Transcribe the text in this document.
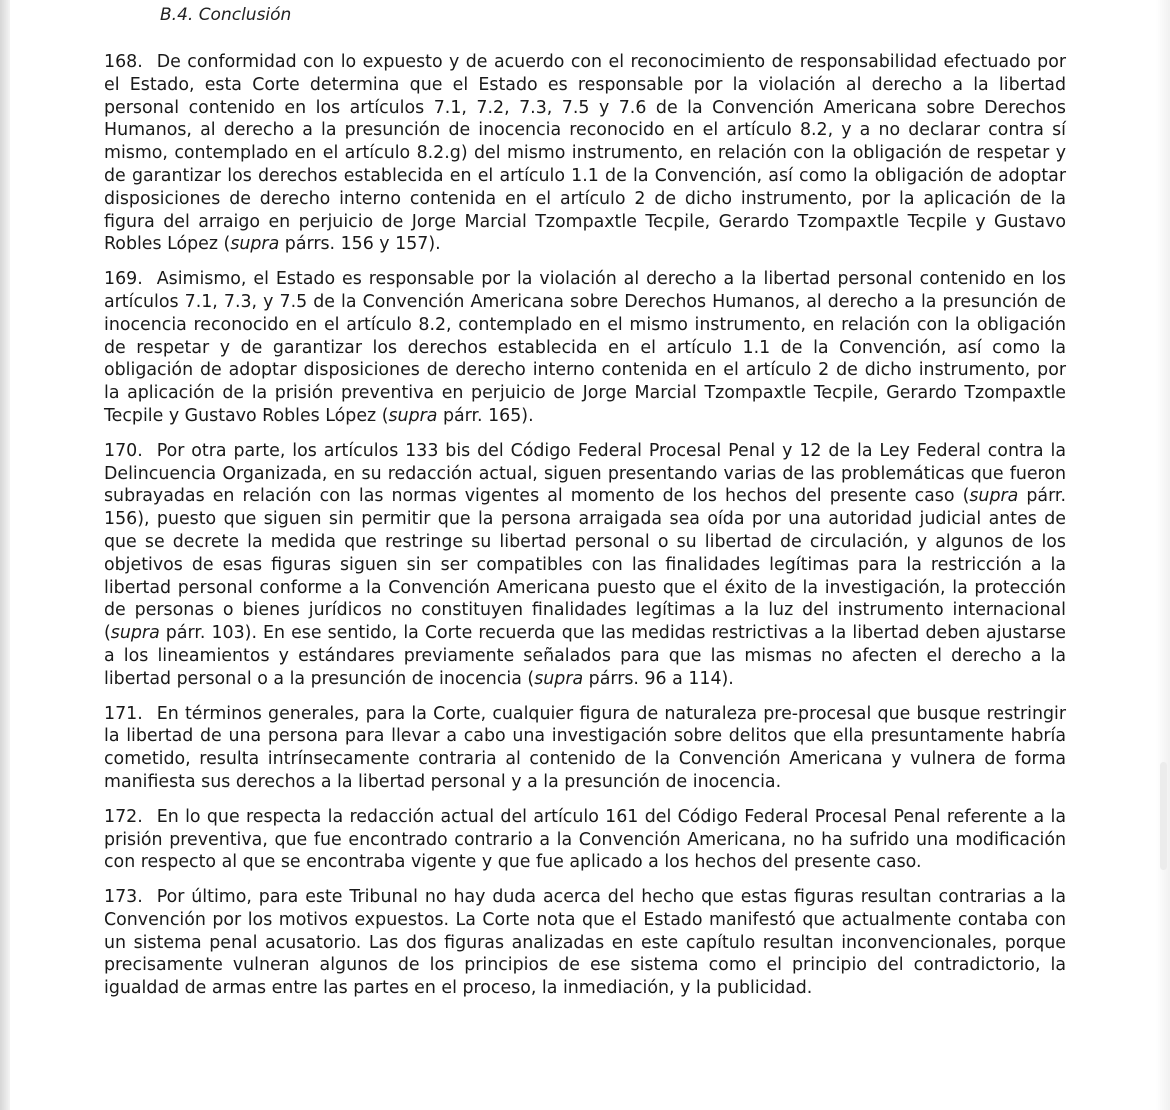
B.4. Conclusión

168. De conformidad con lo expuesto y de acuerdo con el reconocimiento de responsabilidad efectuado por el Estado, esta Corte determina que el Estado es responsable por la violación al derecho a la libertad personal contenido en los artículos 7.1, 7.2, 7.3, 7.5 y 7.6 de la Convención Americana sobre Derechos Humanos, al derecho a la presunción de inocencia reconocido en el artículo 8.2, y a no declarar contra sí mismo, contemplado en el artículo 8.2.g) del mismo instrumento, en relación con la obligación de respetar y de garantizar los derechos establecida en el artículo 1.1 de la Convención, así como la obligación de adoptar disposiciones de derecho interno contenida en el artículo 2 de dicho instrumento, por la aplicación de la figura del arraigo en perjuicio de Jorge Marcial Tzompaxtle Tecpile, Gerardo Tzompaxtle Tecpile y Gustavo Robles López (supra párrs. 156 y 157).

169. Asimismo, el Estado es responsable por la violación al derecho a la libertad personal contenido en los artículos 7.1, 7.3, y 7.5 de la Convención Americana sobre Derechos Humanos, al derecho a la presunción de inocencia reconocido en el artículo 8.2, contemplado en el mismo instrumento, en relación con la obligación de respetar y de garantizar los derechos establecida en el artículo 1.1 de la Convención, así como la obligación de adoptar disposiciones de derecho interno contenida en el artículo 2 de dicho instrumento, por la aplicación de la prisión preventiva en perjuicio de Jorge Marcial Tzompaxtle Tecpile, Gerardo Tzompaxtle Tecpile y Gustavo Robles López (supra párr. 165).

170. Por otra parte, los artículos 133 bis del Código Federal Procesal Penal y 12 de la Ley Federal contra la Delincuencia Organizada, en su redacción actual, siguen presentando varias de las problemáticas que fueron subrayadas en relación con las normas vigentes al momento de los hechos del presente caso (supra párr. 156), puesto que siguen sin permitir que la persona arraigada sea oída por una autoridad judicial antes de que se decrete la medida que restringe su libertad personal o su libertad de circulación, y algunos de los objetivos de esas figuras siguen sin ser compatibles con las finalidades legítimas para la restricción a la libertad personal conforme a la Convención Americana puesto que el éxito de la investigación, la protección de personas o bienes jurídicos no constituyen finalidades legítimas a la luz del instrumento internacional (supra párr. 103). En ese sentido, la Corte recuerda que las medidas restrictivas a la libertad deben ajustarse a los lineamientos y estándares previamente señalados para que las mismas no afecten el derecho a la libertad personal o a la presunción de inocencia (supra párrs. 96 a 114).

171. En términos generales, para la Corte, cualquier figura de naturaleza pre-procesal que busque restringir la libertad de una persona para llevar a cabo una investigación sobre delitos que ella presuntamente habría cometido, resulta intrínsecamente contraria al contenido de la Convención Americana y vulnera de forma manifiesta sus derechos a la libertad personal y a la presunción de inocencia.

172. En lo que respecta la redacción actual del artículo 161 del Código Federal Procesal Penal referente a la prisión preventiva, que fue encontrado contrario a la Convención Americana, no ha sufrido una modificación con respecto al que se encontraba vigente y que fue aplicado a los hechos del presente caso.

173. Por último, para este Tribunal no hay duda acerca del hecho que estas figuras resultan contrarias a la Convención por los motivos expuestos. La Corte nota que el Estado manifestó que actualmente contaba con un sistema penal acusatorio. Las dos figuras analizadas en este capítulo resultan inconvencionales, porque precisamente vulneran algunos de los principios de ese sistema como el principio del contradictorio, la igualdad de armas entre las partes en el proceso, la inmediación, y la publicidad.
